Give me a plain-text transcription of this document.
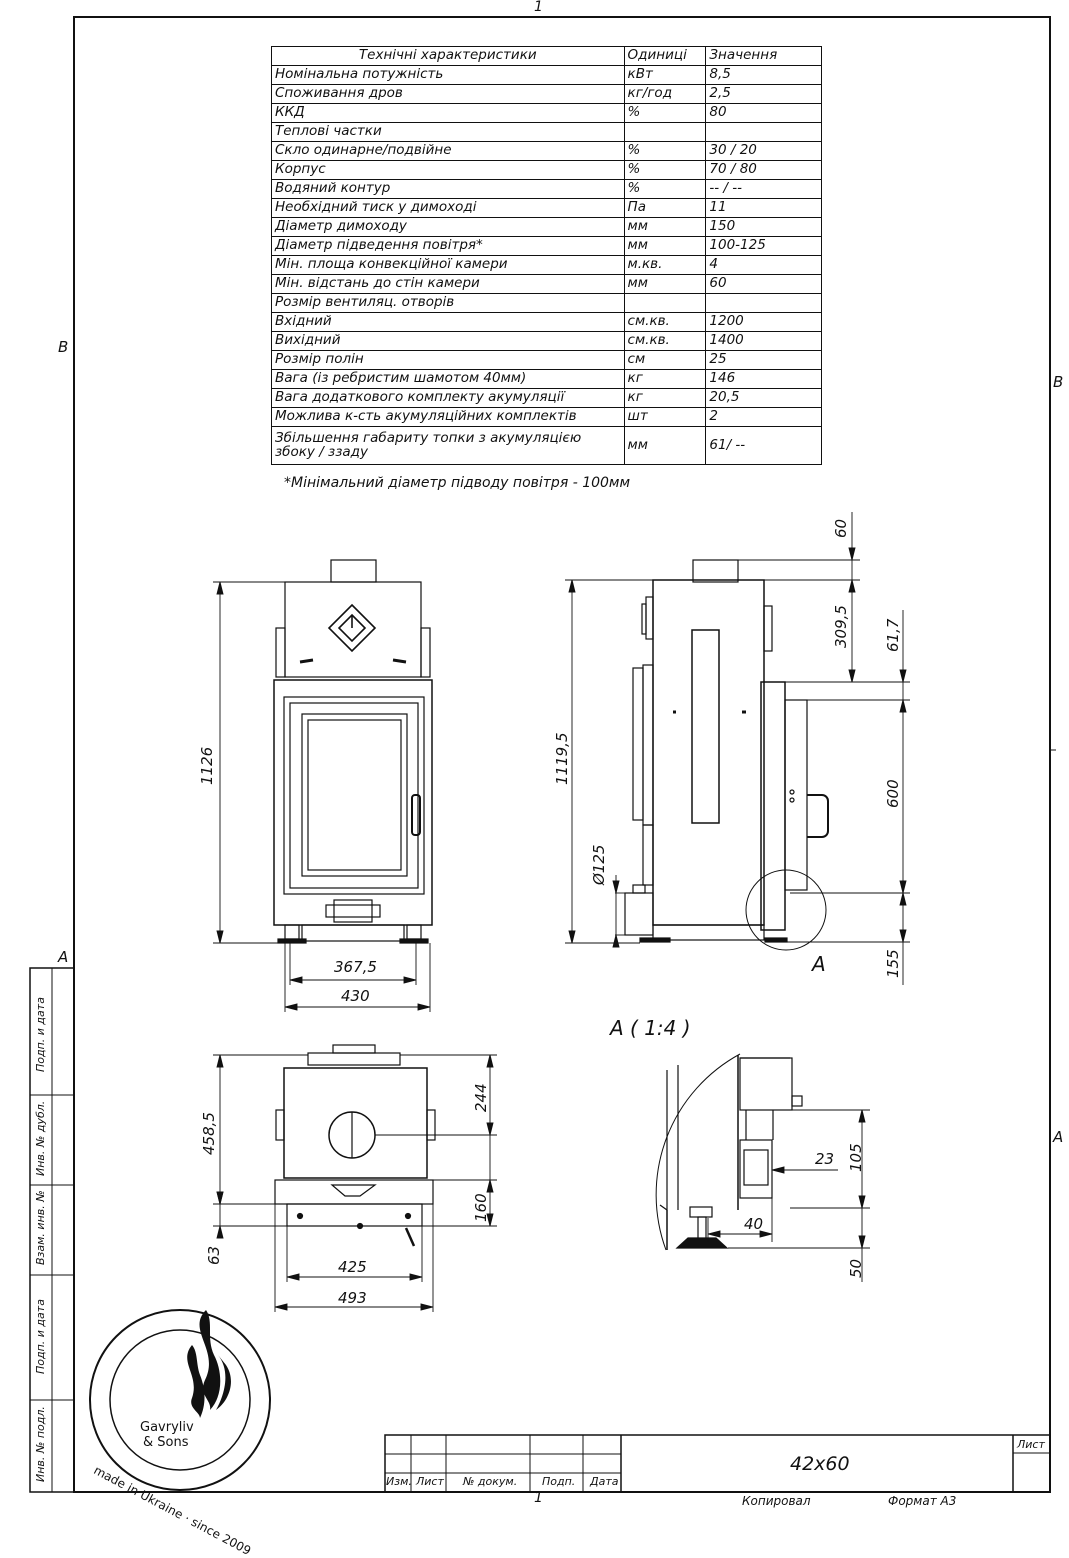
1
1
B
A
B
A
Технічні характеристики	Одиниці	Значення
Номінальна потужність	кВт	8,5
Споживання дров	кг/год	2,5
ККД	%	80
Теплові частки		
Скло одинарне/подвійне	%	30 / 20
Корпус	%	70 / 80
Водяний контур	%	-- / --
Необхідний тиск у димоході	Па	11
Діаметр димоходу	мм	150
Діаметр підведення повітря*	мм	100-125
Мін. площа конвекційної камери	м.кв.	4
Мін. відстань до стін камери	мм	60
Розмір вентиляц. отворів		
Вхідний	см.кв.	1200
Вихідний	см.кв.	1400
Розмір полін	см	25
Вага (із ребристим шамотом 40мм)	кг	146
Вага додаткового комплекту акумуляції	кг	20,5
Можлива к-сть акумуляційних комплектів	шт	2
Збільшення габариту топки з акумуляцією збоку / ззаду	мм	61/ --
*Мінімальний діаметр підводу повітря - 100мм
1126
367,5
430
1119,5
Ø125
60
309,5 61,7
600
155
A
458,5
244
160
63
425
493
A ( 1:4 )
23 105
40
50
Подп. и дата
Инв. № дубл.
Взам. инв. №
Подп. и дата
Инв. № подл.	Gavryliv
& Sons
made in Ukraine · since 2009	42x60
Лист
Изм. Лист № докум. Подп. Дата
Копировал	Формат A3
